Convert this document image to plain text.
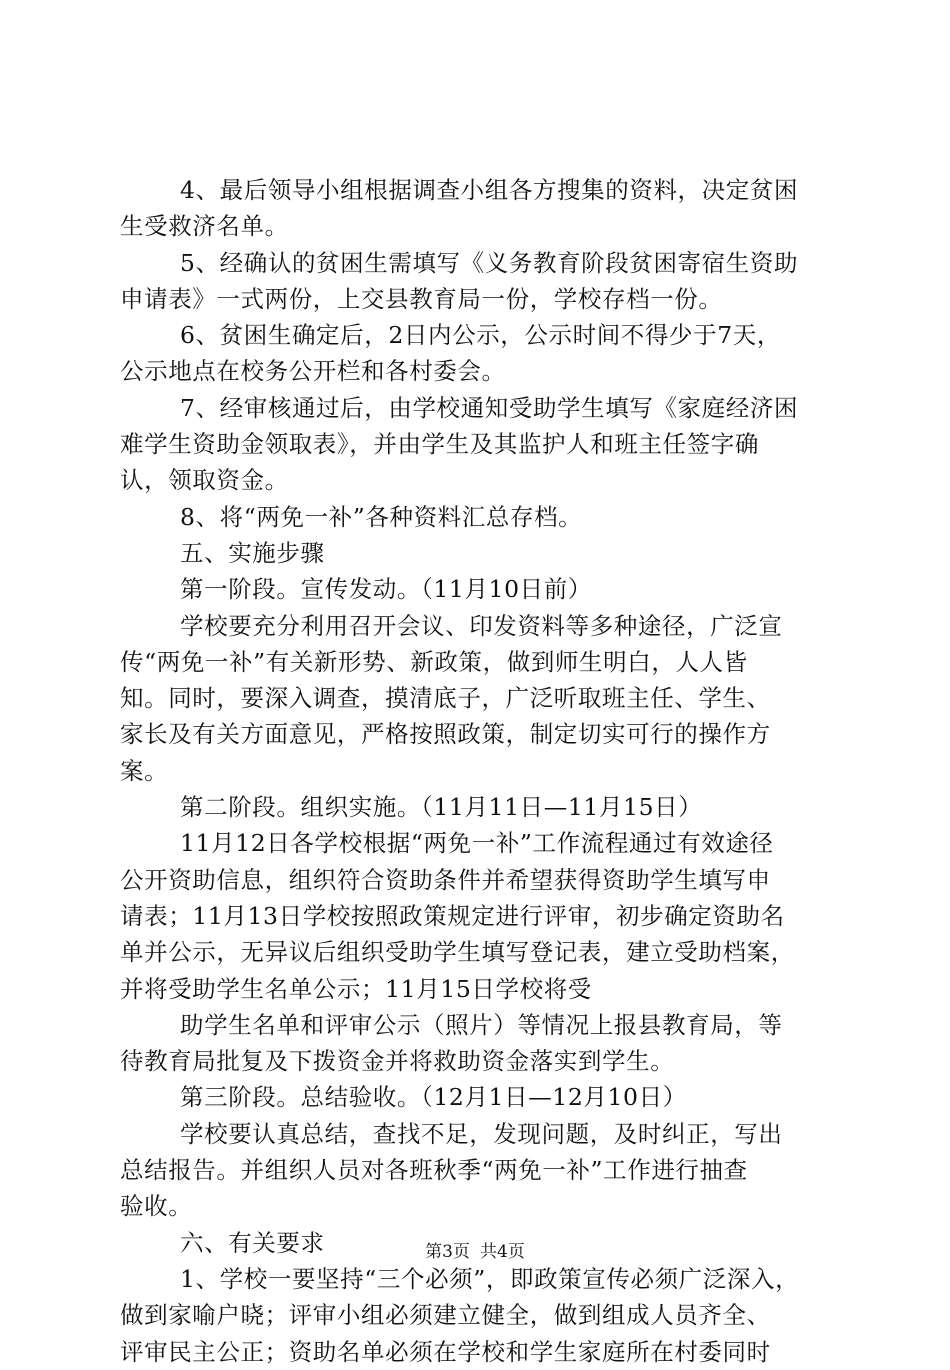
4、最后领导小组根据调查小组各方搜集的资料，决定贫困
生受救济名单。
5、经确认的贫困生需填写《义务教育阶段贫困寄宿生资助
申请表》一式两份，上交县教育局一份，学校存档一份。
6、贫困生确定后，2日内公示，公示时间不得少于7天，
公示地点在校务公开栏和各村委会。
7、经审核通过后，由学校通知受助学生填写《家庭经济困
难学生资助金领取表》，并由学生及其监护人和班主任签字确
认，领取资金。
8、将“两免一补”各种资料汇总存档。
五、实施步骤
第一阶段。宣传发动。（11月10日前）
学校要充分利用召开会议、印发资料等多种途径，广泛宣
传“两免一补”有关新形势、新政策，做到师生明白，人人皆
知。同时，要深入调查，摸清底子，广泛听取班主任、学生、
家长及有关方面意见，严格按照政策，制定切实可行的操作方
案。
第二阶段。组织实施。（11月11日—11月15日）
11月12日各学校根据“两免一补”工作流程通过有效途径
公开资助信息，组织符合资助条件并希望获得资助学生填写申
请表；11月13日学校按照政策规定进行评审，初步确定资助名
单并公示，无异议后组织受助学生填写登记表，建立受助档案，
并将受助学生名单公示；11月15日学校将受
助学生名单和评审公示（照片）等情况上报县教育局，等
待教育局批复及下拨资金并将救助资金落实到学生。
第三阶段。总结验收。（12月1日—12月10日）
学校要认真总结，查找不足，发现问题，及时纠正，写出
总结报告。并组织人员对各班秋季“两免一补”工作进行抽查
验收。
六、有关要求
1、学校一要坚持“三个必须”，即政策宣传必须广泛深入，
做到家喻户晓；评审小组必须建立健全，做到组成人员齐全、
评审民主公正；资助名单必须在学校和学生家庭所在村委同时
第3页 共4页
